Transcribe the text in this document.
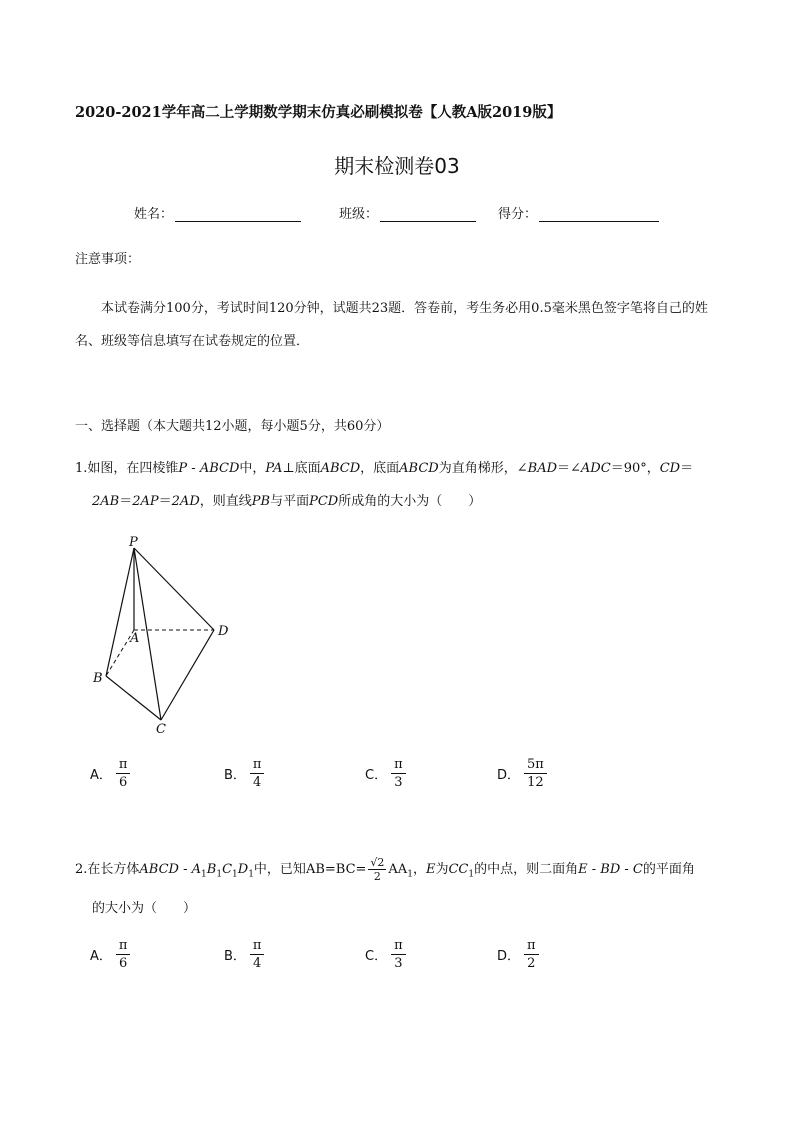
2020-2021学年高二上学期数学期末仿真必刷模拟卷【人教A版2019版】
期末检测卷03
姓名：	班级：	得分：
注意事项：
本试卷满分100分，考试时间120分钟，试题共23题．答卷前，考生务必用0.5毫米黑色签字笔将自己的姓名、班级等信息填写在试卷规定的位置．
一、选择题（本大题共12小题，每小题5分，共60分）
1.如图，在四棱锥P - ABCD中，PA⊥底面ABCD，底面ABCD为直角梯形，∠BAD＝∠ADC＝90°，CD＝
2AB＝2AP＝2AD，则直线PB与平面PCD所成角的大小为（　　）
P
A
B
C
D
A． $\frac{\pi}{6}$	B． $\frac{\pi}{4}$	C． $\frac{\pi}{3}$	D． $\frac{5\pi}{12}$
2.在长方体ABCD - $A_1B_1C_1D_1$中，已知$AB=BC= \frac{√2}{2} AA_1$，E为$CC_1$的中点，则二面角E - BD - C的平面角
的大小为（　　）
A． $\frac{\pi}{6}$	B． $\frac{\pi}{4}$	C． $\frac{\pi}{3}$	D． $\frac{\pi}{2}$
